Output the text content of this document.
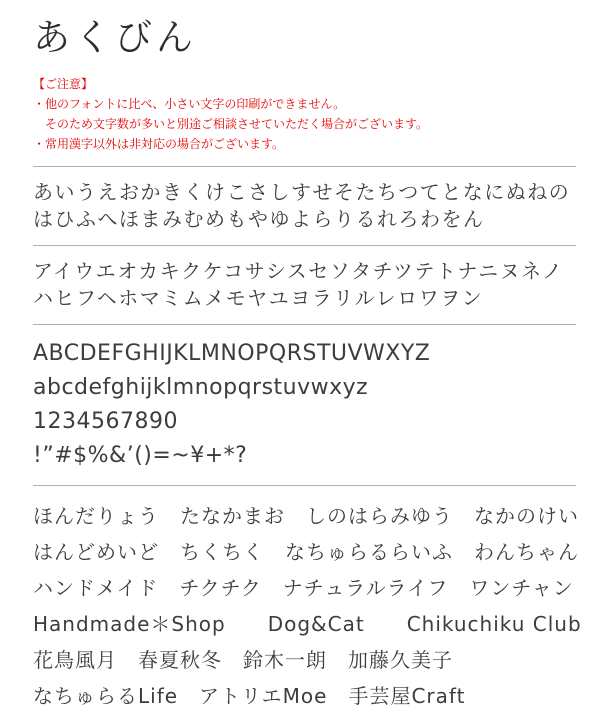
あくびん
【ご注意】
・他のフォントに比べ、小さい文字の印刷ができません。
　そのため文字数が多いと別途ご相談させていただく場合がございます。
・常用漢字以外は非対応の場合がございます。
あいうえおかきくけこさしすせそたちつてとなにぬねの
はひふへほまみむめもやゆよらりるれろわをん
アイウエオカキクケコサシスセソタチツテトナニヌネノ
ハヒフヘホマミムメモヤユヨラリルレロワヲン
ABCDEFGHIJKLMNOPQRSTUVWXYZ
abcdefghijklmnopqrstuvwxyz
1234567890
!”#$%&’()=~¥+*?
ほんだりょう　たなかまお　しのはらみゆう　なかのけい
はんどめいど　ちくちく　なちゅらるらいふ　わんちゃん
ハンドメイド　チクチク　ナチュラルライフ　ワンチャン
Handmade＊Shop　　Dog&Cat　　Chikuchiku Club
花鳥風月　春夏秋冬　鈴木一朗　加藤久美子
なちゅらるLife　アトリエMoe　手芸屋Craft
